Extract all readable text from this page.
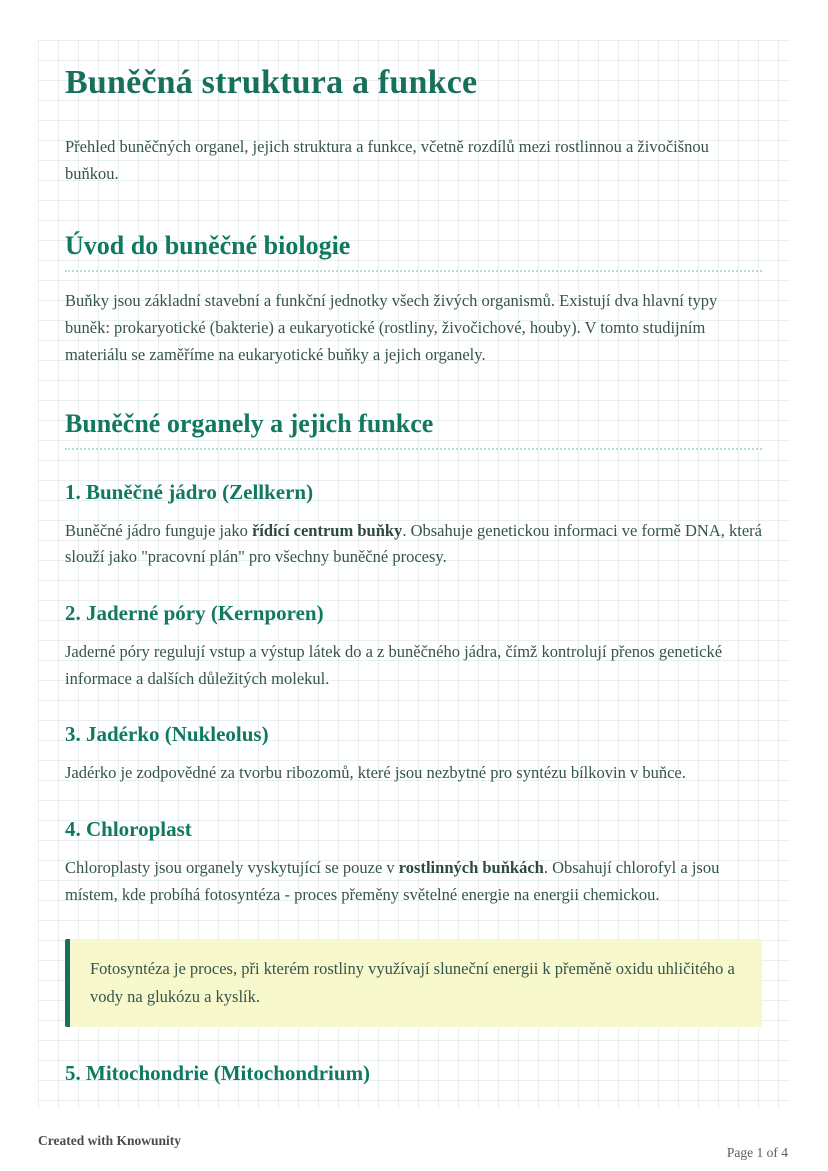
Buněčná struktura a funkce

Přehled buněčných organel, jejich struktura a funkce, včetně rozdílů mezi rostlinnou a živočišnou buňkou.

Úvod do buněčné biologie

Buňky jsou základní stavební a funkční jednotky všech živých organismů. Existují dva hlavní typy buněk: prokaryotické (bakterie) a eukaryotické (rostliny, živočichové, houby). V tomto studijním materiálu se zaměříme na eukaryotické buňky a jejich organely.

Buněčné organely a jejich funkce
1. Buněčné jádro (Zellkern)

Buněčné jádro funguje jako řídící centrum buňky. Obsahuje genetickou informaci ve formě DNA, která slouží jako "pracovní plán" pro všechny buněčné procesy.

2. Jaderné póry (Kernporen)

Jaderné póry regulují vstup a výstup látek do a z buněčného jádra, čímž kontrolují přenos genetické informace a dalších důležitých molekul.

3. Jadérko (Nukleolus)

Jadérko je zodpovědné za tvorbu ribozomů, které jsou nezbytné pro syntézu bílkovin v buňce.

4. Chloroplast

Chloroplasty jsou organely vyskytující se pouze v rostlinných buňkách. Obsahují chlorofyl a jsou místem, kde probíhá fotosyntéza - proces přeměny světelné energie na energii chemickou.

Fotosyntéza je proces, při kterém rostliny využívají sluneční energii k přeměně oxidu uhličitého a vody na glukózu a kyslík.

5. Mitochondrie (Mitochondrium)
Created with Knowunity
Page 1 of 4
